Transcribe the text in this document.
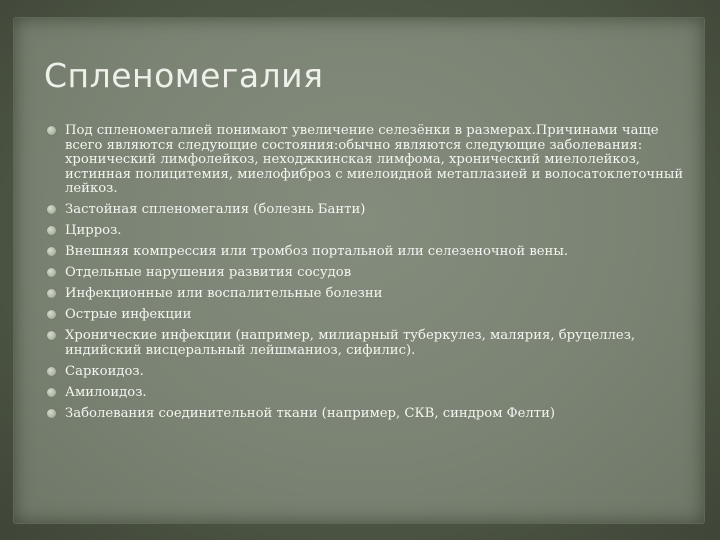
Спленомегалия
Под спленомегалией понимают увеличение селезёнки в размерах.Причинами чаще всего являются следующие состояния:обычно являются следующие заболевания: хронический лимфолейкоз, неходжкинская лимфома, хронический миелолейкоз, истинная полицитемия, миелофиброз с миелоидной метаплазией и волосатоклеточный лейкоз.
Застойная спленомегалия (болезнь Банти)
Цирроз.
Внешняя компрессия или тромбоз портальной или селезеночной вены.
Отдельные нарушения развития сосудов
Инфекционные или воспалительные болезни
Острые инфекции
Хронические инфекции (например, милиарный туберкулез, малярия, бруцеллез, индийский висцеральный лейшманиоз, сифилис).
Саркоидоз.
Амилоидоз.
Заболевания соединительной ткани (например, СКВ, синдром Фелти)
